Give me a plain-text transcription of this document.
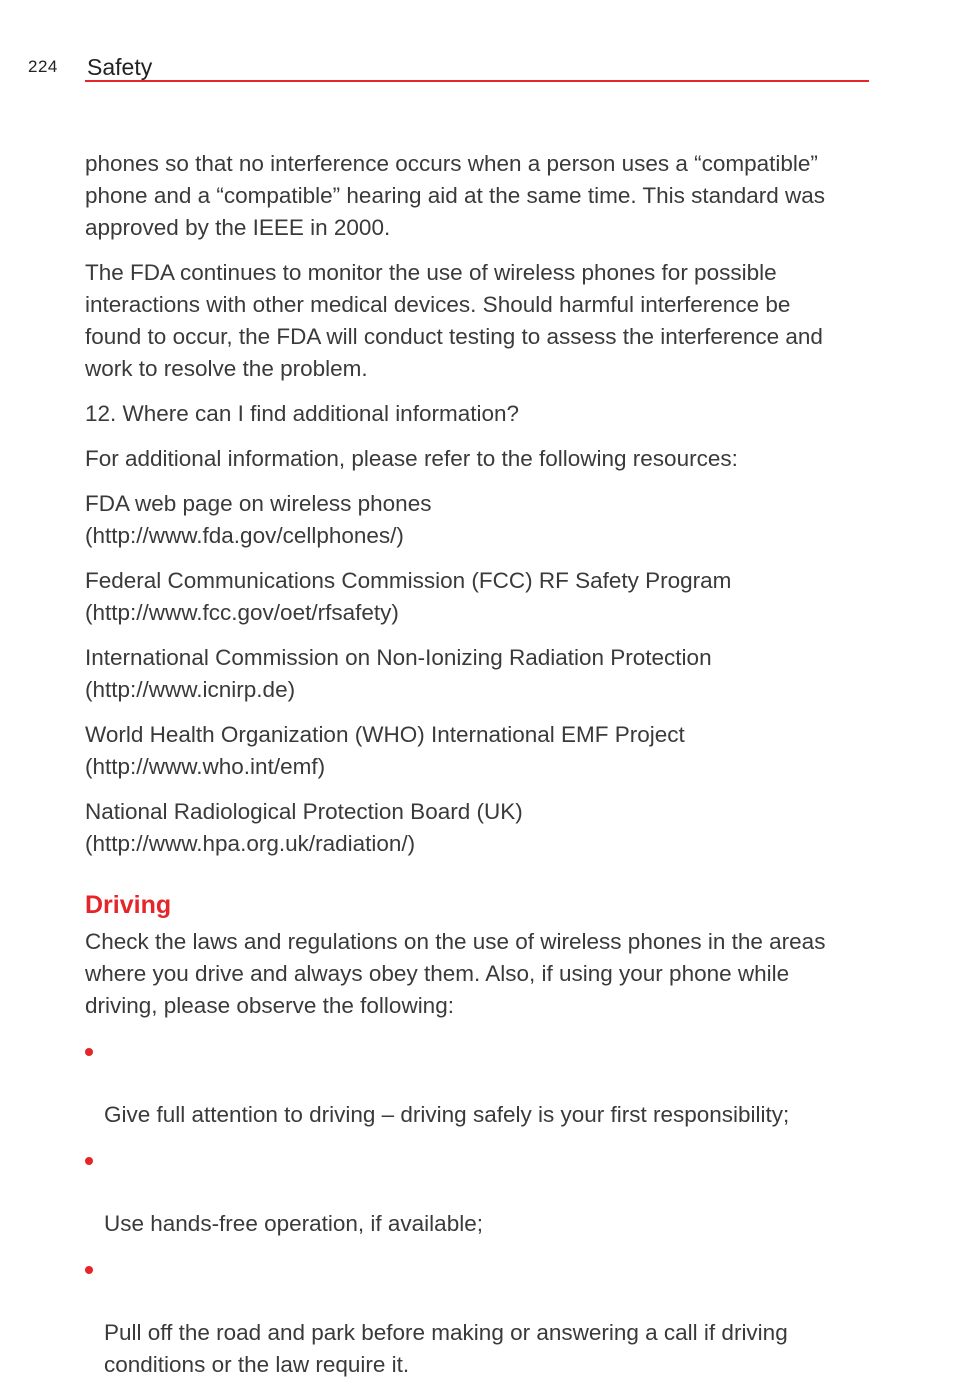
224 Safety

phones so that no interference occurs when a person uses a “compatible”
phone and a “compatible” hearing aid at the same time. This standard was
approved by the IEEE in 2000.

The FDA continues to monitor the use of wireless phones for possible
interactions with other medical devices. Should harmful interference be
found to occur, the FDA will conduct testing to assess the interference and
work to resolve the problem.

12. Where can I find additional information?

For additional information, please refer to the following resources:

FDA web page on wireless phones
(http://www.fda.gov/cellphones/)

Federal Communications Commission (FCC) RF Safety Program
(http://www.fcc.gov/oet/rfsafety)

International Commission on Non-Ionizing Radiation Protection
(http://www.icnirp.de)

World Health Organization (WHO) International EMF Project
(http://www.who.int/emf)

National Radiological Protection Board (UK)
(http://www.hpa.org.uk/radiation/)

Driving

Check the laws and regulations on the use of wireless phones in the areas
where you drive and always obey them. Also, if using your phone while
driving, please observe the following:

Give full attention to driving – driving safely is your first responsibility;

Use hands-free operation, if available;

Pull off the road and park before making or answering a call if driving
conditions or the law require it.
